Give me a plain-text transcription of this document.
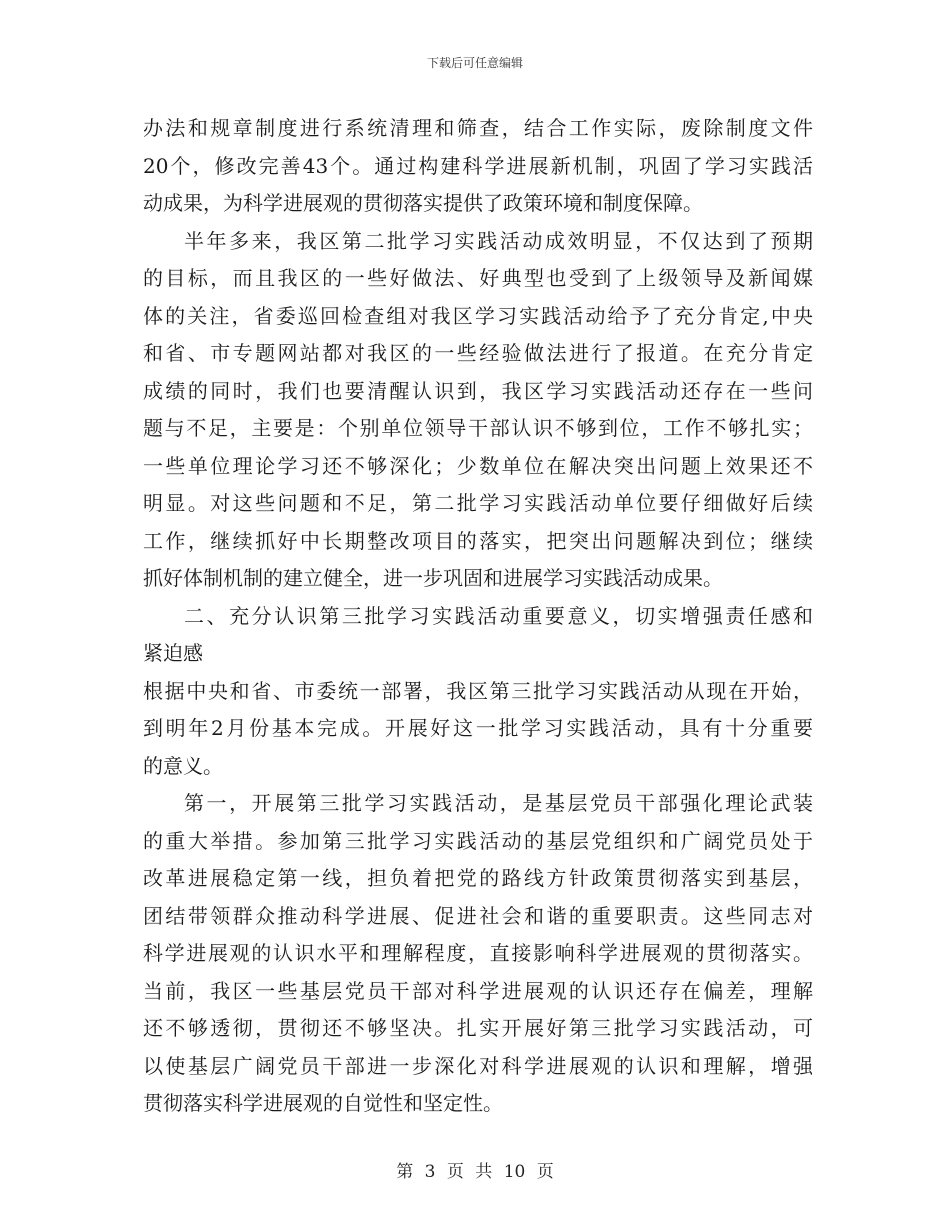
下载后可任意编辑
办法和规章制度进行系统清理和筛查，结合工作实际，废除制度文件
20个，修改完善43个。通过构建科学进展新机制，巩固了学习实践活
动成果，为科学进展观的贯彻落实提供了政策环境和制度保障。
半年多来，我区第二批学习实践活动成效明显，不仅达到了预期
的目标，而且我区的一些好做法、好典型也受到了上级领导及新闻媒
体的关注，省委巡回检查组对我区学习实践活动给予了充分肯定,中央
和省、市专题网站都对我区的一些经验做法进行了报道。在充分肯定
成绩的同时，我们也要清醒认识到，我区学习实践活动还存在一些问
题与不足，主要是：个别单位领导干部认识不够到位，工作不够扎实；
一些单位理论学习还不够深化；少数单位在解决突出问题上效果还不
明显。对这些问题和不足，第二批学习实践活动单位要仔细做好后续
工作，继续抓好中长期整改项目的落实，把突出问题解决到位；继续
抓好体制机制的建立健全，进一步巩固和进展学习实践活动成果。
二、充分认识第三批学习实践活动重要意义，切实增强责任感和
紧迫感
根据中央和省、市委统一部署，我区第三批学习实践活动从现在开始，
到明年2月份基本完成。开展好这一批学习实践活动，具有十分重要
的意义。
第一，开展第三批学习实践活动，是基层党员干部强化理论武装
的重大举措。参加第三批学习实践活动的基层党组织和广阔党员处于
改革进展稳定第一线，担负着把党的路线方针政策贯彻落实到基层，
团结带领群众推动科学进展、促进社会和谐的重要职责。这些同志对
科学进展观的认识水平和理解程度，直接影响科学进展观的贯彻落实。
当前，我区一些基层党员干部对科学进展观的认识还存在偏差，理解
还不够透彻，贯彻还不够坚决。扎实开展好第三批学习实践活动，可
以使基层广阔党员干部进一步深化对科学进展观的认识和理解，增强
贯彻落实科学进展观的自觉性和坚定性。
第 3 页 共 10 页
